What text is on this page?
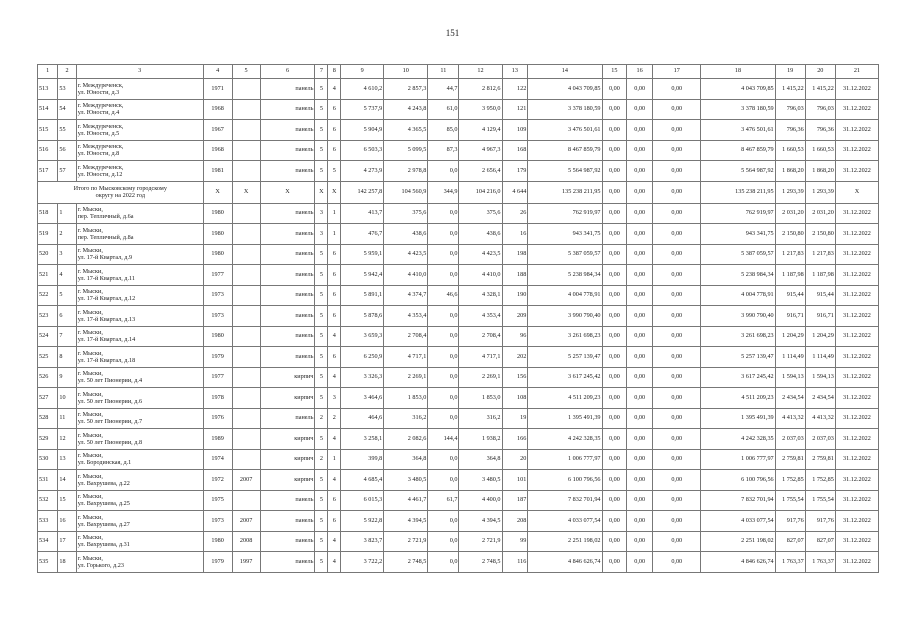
151
1	2	3	4	5	6	7	8	9	10	11	12	13	14	15	16	17	18	19	20	21
513	53	г. Междуреченск,
ул. Юности, д.3	1971		панель	5	4	4 610,2	2 857,3	44,7	2 812,6	122	4 043 709,85	0,00	0,00	0,00	4 043 709,85	1 415,22	1 415,22	31.12.2022
514	54	г. Междуреченск,
ул. Юности, д.4	1968		панель	5	6	5 737,9	4 243,8	61,0	3 950,0	121	3 378 180,59	0,00	0,00	0,00	3 378 180,59	796,03	796,03	31.12.2022
515	55	г. Междуреченск,
ул. Юности, д.5	1967		панель	5	6	5 904,9	4 365,5	85,0	4 129,4	109	3 476 501,61	0,00	0,00	0,00	3 476 501,61	796,36	796,36	31.12.2022
516	56	г. Междуреченск,
ул. Юности, д.8	1968		панель	5	6	6 503,3	5 099,5	87,3	4 967,3	168	8 467 859,79	0,00	0,00	0,00	8 467 859,79	1 660,53	1 660,53	31.12.2022
517	57	г. Междуреченск,
ул. Юности, д.12	1981		панель	5	5	4 273,9	2 978,8	0,0	2 656,4	179	5 564 987,92	0,00	0,00	0,00	5 564 987,92	1 868,20	1 868,20	31.12.2022

Итого по Мысковскому городскому
округу на 2022 год			X	X	X	X	X	142 257,8	104 560,9	344,9	104 216,0	4 644	135 238 211,95	0,00	0,00	0,00	135 238 211,95	1 293,39	1 293,39	X
518	1	г. Мыски,
пер. Тепличный, д.6а	1980		панель	3	1	413,7	375,6	0,0	375,6	26	762 919,97	0,00	0,00	0,00	762 919,97	2 031,20	2 031,20	31.12.2022
519	2	г. Мыски,
пер. Тепличный, д.8а	1980		панель	3	1	476,7	438,6	0,0	438,6	16	943 341,75	0,00	0,00	0,00	943 341,75	2 150,80	2 150,80	31.12.2022
520	3	г. Мыски,
ул. 17-й Квартал, д.9	1980		панель	5	6	5 959,1	4 423,5	0,0	4 423,5	198	5 387 059,57	0,00	0,00	0,00	5 387 059,57	1 217,83	1 217,83	31.12.2022
521	4	г. Мыски,
ул. 17-й Квартал, д.11	1977		панель	5	6	5 942,4	4 410,0	0,0	4 410,0	188	5 238 984,34	0,00	0,00	0,00	5 238 984,34	1 187,98	1 187,98	31.12.2022
522	5	г. Мыски,
ул. 17-й Квартал, д.12	1973		панель	5	6	5 891,1	4 374,7	46,6	4 328,1	190	4 004 778,91	0,00	0,00	0,00	4 004 778,91	915,44	915,44	31.12.2022
523	6	г. Мыски,
ул. 17-й Квартал, д.13	1973		панель	5	6	5 878,6	4 353,4	0,0	4 353,4	209	3 990 790,40	0,00	0,00	0,00	3 990 790,40	916,71	916,71	31.12.2022
524	7	г. Мыски,
ул. 17-й Квартал, д.14	1980		панель	5	4	3 659,3	2 708,4	0,0	2 708,4	96	3 261 698,23	0,00	0,00	0,00	3 261 698,23	1 204,29	1 204,29	31.12.2022
525	8	г. Мыски,
ул. 17-й Квартал, д.18	1979		панель	5	6	6 250,9	4 717,1	0,0	4 717,1	202	5 257 139,47	0,00	0,00	0,00	5 257 139,47	1 114,49	1 114,49	31.12.2022
526	9	г. Мыски,
ул. 50 лет Пионерии, д.4	1977		кирпич	5	4	3 326,3	2 269,1	0,0	2 269,1	156	3 617 245,42	0,00	0,00	0,00	3 617 245,42	1 594,13	1 594,13	31.12.2022
527	10	г. Мыски,
ул. 50 лет Пионерии, д.6	1978		кирпич	5	3	3 464,6	1 853,0	0,0	1 853,0	108	4 511 209,23	0,00	0,00	0,00	4 511 209,23	2 434,54	2 434,54	31.12.2022
528	11	г. Мыски,
ул. 50 лет Пионерии, д.7	1976		панель	2	2	464,6	316,2	0,0	316,2	19	1 395 491,39	0,00	0,00	0,00	1 395 491,39	4 413,32	4 413,32	31.12.2022
529	12	г. Мыски,
ул. 50 лет Пионерии, д.8	1989		кирпич	5	4	3 258,1	2 082,6	144,4	1 938,2	166	4 242 328,35	0,00	0,00	0,00	4 242 328,35	2 037,03	2 037,03	31.12.2022
530	13	г. Мыски,
ул. Бородинская, д.1	1974		кирпич	2	1	399,8	364,8	0,0	364,8	20	1 006 777,97	0,00	0,00	0,00	1 006 777,97	2 759,81	2 759,81	31.12.2022
531	14	г. Мыски,
ул. Вахрушева, д.22	1972	2007	кирпич	5	4	4 685,4	3 480,5	0,0	3 480,5	101	6 100 796,56	0,00	0,00	0,00	6 100 796,56	1 752,85	1 752,85	31.12.2022
532	15	г. Мыски,
ул. Вахрушева, д.25	1975		панель	5	6	6 015,3	4 461,7	61,7	4 400,0	187	7 832 701,94	0,00	0,00	0,00	7 832 701,94	1 755,54	1 755,54	31.12.2022
533	16	г. Мыски,
ул. Вахрушева, д.27	1973	2007	панель	5	6	5 922,8	4 394,5	0,0	4 394,5	208	4 033 077,54	0,00	0,00	0,00	4 033 077,54	917,76	917,76	31.12.2022
534	17	г. Мыски,
ул. Вахрушева, д.31	1980	2008	панель	5	4	3 823,7	2 721,9	0,0	2 721,9	99	2 251 198,02	0,00	0,00	0,00	2 251 198,02	827,07	827,07	31.12.2022
535	18	г. Мыски,
ул. Горького, д.23	1979	1997	панель	5	4	3 722,2	2 748,5	0,0	2 748,5	116	4 846 626,74	0,00	0,00	0,00	4 846 626,74	1 763,37	1 763,37	31.12.2022
